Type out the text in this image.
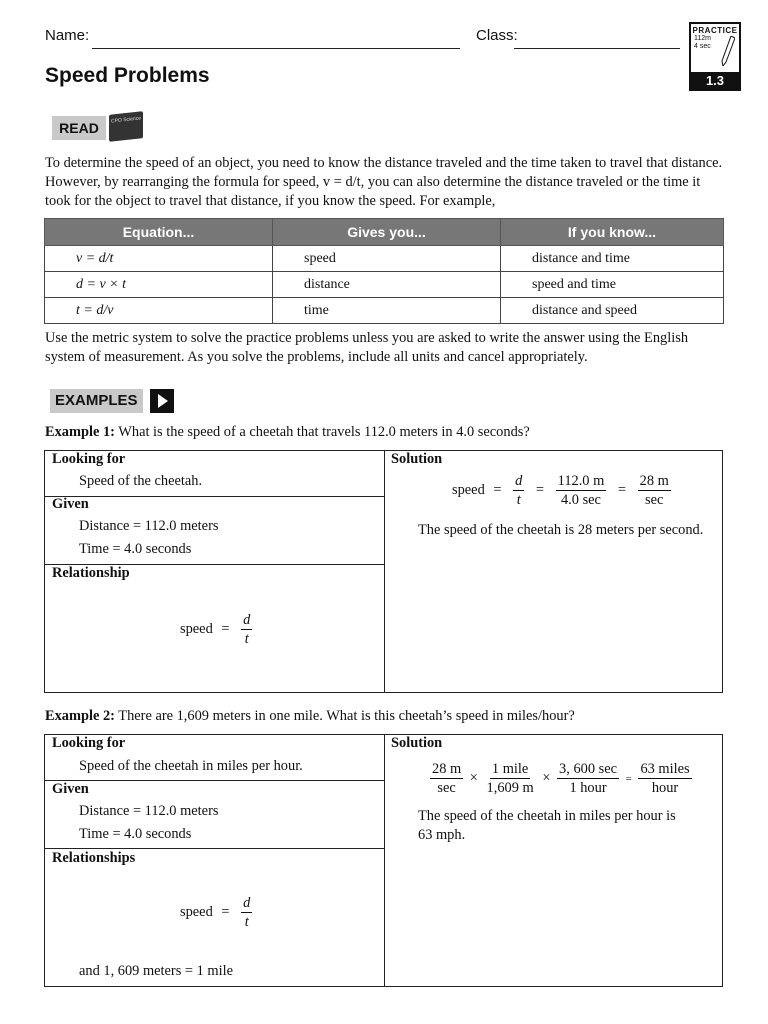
Name:	Class:	PRACTICE
112m
4 sec
1.3
Speed Problems
READ	CPO Science

To determine the speed of an object, you need to know the distance traveled and the time taken to travel that distance. However, by rearranging the formula for speed, v = d/t, you can also determine the distance traveled or the time it took for the object to travel that distance, if you know the speed. For example,

Equation...	Gives you...	If you know...
v = d/t	speed	distance and time
d = v × t	distance	speed and time
t = d/v	time	distance and speed

Use the metric system to solve the practice problems unless you are asked to write the answer using the English system of measurement. As you solve the problems, include all units and cancel appropriately.

EXAMPLES

Example 1: What is the speed of a cheetah that travels 112.0 meters in 4.0 seconds?

Looking for
Speed of the cheetah.
Given
Distance = 112.0 meters
Time = 4.0 seconds
Relationship
speed = $\frac{d}{t}$
Solution
speed = $\frac{d}{t} = \frac{112.0 m}{4.0 \sec} = \frac{28 m}{\sec}$
The speed of the cheetah is 28 meters per second.

Example 2: There are 1,609 meters in one mile. What is this cheetah’s speed in miles/hour?

Looking for
Speed of the cheetah in miles per hour.
Given
Distance = 112.0 meters
Time = 4.0 seconds
Relationships
speed = $\frac{d}{t}$
and 1, 609 meters = 1 mile
Solution
$\frac{28 m}{\sec} \times \frac{\text{1 mile}}{1,609 m} \times \frac{3, 600 \sec}{\text{1 hour}} = \frac{\text{63 miles}}{\text{hour}}$
The speed of the cheetah in miles per hour is
63 mph.
